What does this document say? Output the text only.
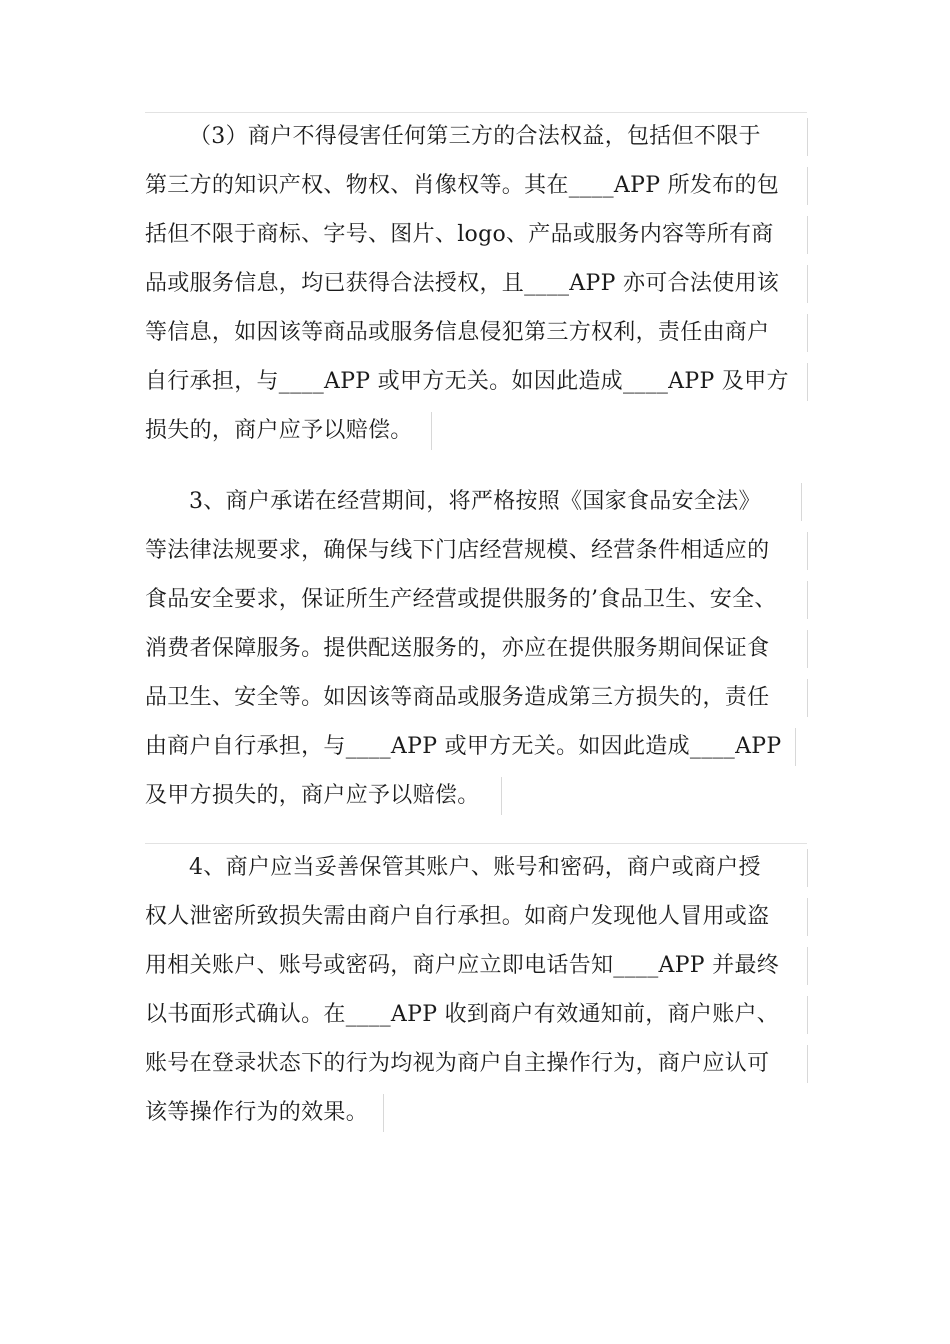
（3）商户不得侵害任何第三方的合法权益，包括但不限于
第三方的知识产权、物权、肖像权等。其在____APP 所发布的包
括但不限于商标、字号、图片、logo、产品或服务内容等所有商
品或服务信息，均已获得合法授权，且____APP 亦可合法使用该
等信息，如因该等商品或服务信息侵犯第三方权利，责任由商户
自行承担，与____APP 或甲方无关。如因此造成____APP 及甲方
损失的，商户应予以赔偿。
3、商户承诺在经营期间，将严格按照《国家食品安全法》
等法律法规要求，确保与线下门店经营规模、经营条件相适应的
食品安全要求，保证所生产经营或提供服务的’食品卫生、安全、
消费者保障服务。提供配送服务的，亦应在提供服务期间保证食
品卫生、安全等。如因该等商品或服务造成第三方损失的，责任
由商户自行承担，与____APP 或甲方无关。如因此造成____APP
及甲方损失的，商户应予以赔偿。
4、商户应当妥善保管其账户、账号和密码，商户或商户授
权人泄密所致损失需由商户自行承担。如商户发现他人冒用或盗
用相关账户、账号或密码，商户应立即电话告知____APP 并最终
以书面形式确认。在____APP 收到商户有效通知前，商户账户、
账号在登录状态下的行为均视为商户自主操作行为，商户应认可
该等操作行为的效果。
